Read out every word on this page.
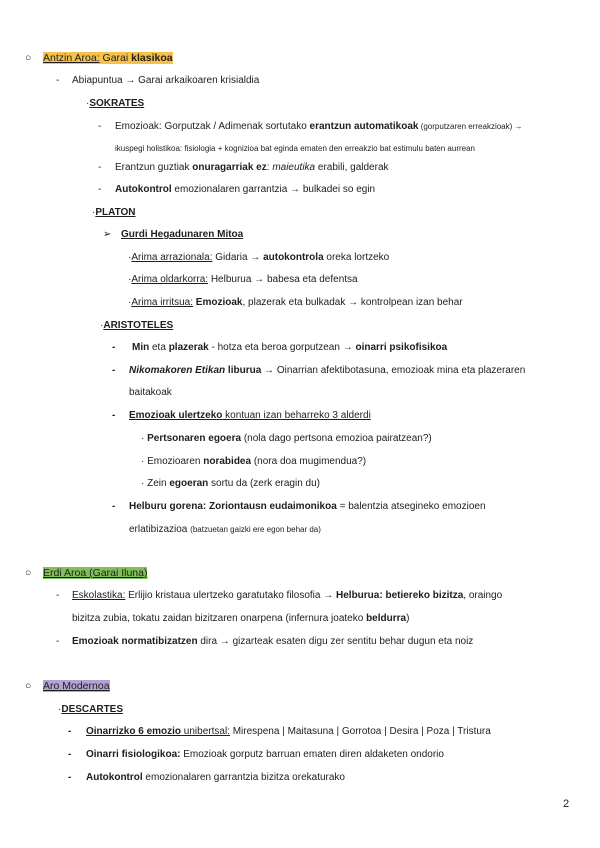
○ Antzin Aroa: Garai klasikoa
- Abiapuntua → Garai arkaikoaren krisialdia
·SOKRATES
- Emozioak: Gorputzak / Adimenak sortutako erantzun automatikoak (gorputzaren erreakzioak) →
ikuspegi holistikoa: fisiologia + kognizioa bat eginda ematen den erreakzio bat estimulu baten aurrean
- Erantzun guztiak onuragarriak ez: maieutika erabili, galderak
- Autokontrol emozionalaren garrantzia → bulkadei so egin
·PLATON
➢ Gurdi Hegadunaren Mitoa
·Arima arrazionala: Gidaria → autokontrola oreka lortzeko
·Arima oldarkorra: Helburua → babesa eta defentsa
·Arima irritsua: Emozioak, plazerak eta bulkadak → kontrolpean izan behar
·ARISTOTELES
- Min eta plazerak - hotza eta beroa gorputzean → oinarri psikofisikoa
- Nikomakoren Etikan liburua → Oinarrian afektibotasuna, emozioak mina eta plazeraren
baitakoak
- Emozioak ulertzeko kontuan izan beharreko 3 alderdi
· Pertsonaren egoera (nola dago pertsona emozioa pairatzean?)
· Emozioaren norabidea (nora doa mugimendua?)
· Zein egoeran sortu da (zerk eragin du)
- Helburu gorena: Zoriontausn eudaimonikoa = balentzia atsegineko emozioen
erlatibizazioa (batzuetan gaizki ere egon behar da)
○ Erdi Aroa (Garai Iluna)
- Eskolastika: Erlijio kristaua ulertzeko garatutako filosofia → Helburua: betiereko bizitza, oraingo
bizitza zubia, tokatu zaidan bizitzaren onarpena (infernura joateko beldurra)
- Emozioak normatibizatzen dira → gizarteak esaten digu zer sentitu behar dugun eta noiz
○ Aro Modernoa
·DESCARTES
- Oinarrizko 6 emozio unibertsal: Mirespena | Maitasuna | Gorrotoa | Desira | Poza | Tristura
- Oinarri fisiologikoa: Emozioak gorputz barruan ematen diren aldaketen ondorio
- Autokontrol emozionalaren garrantzia bizitza orekaturako
2
